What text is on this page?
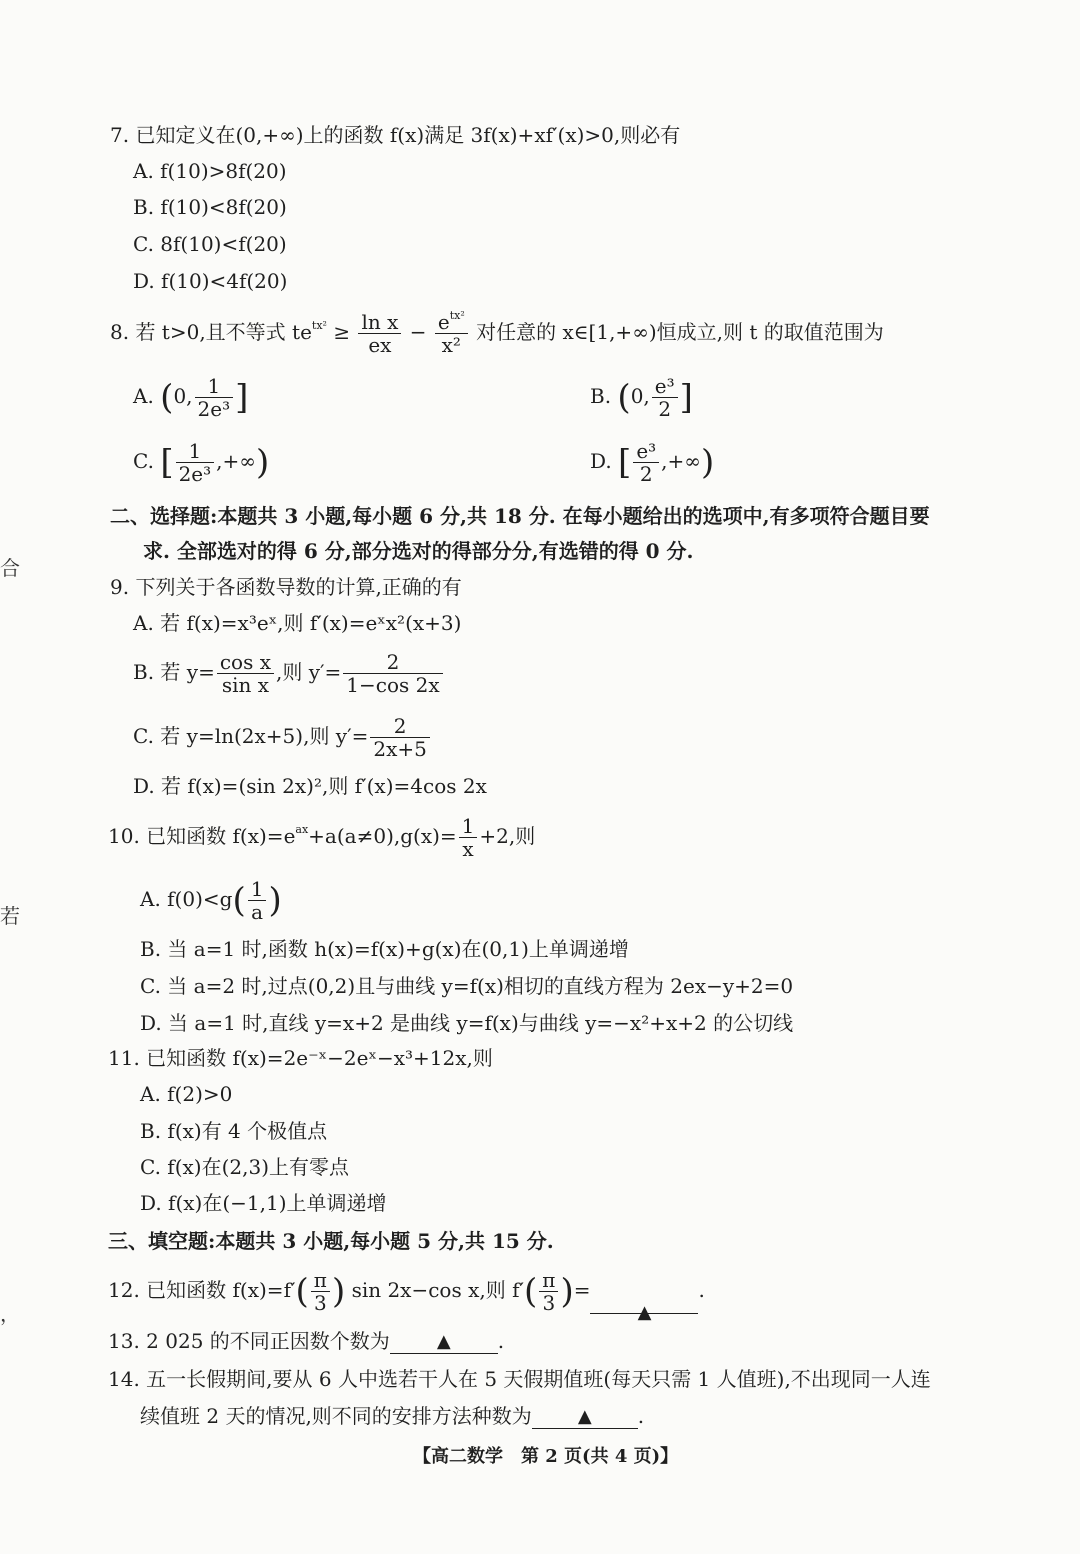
合
若
，
7. 已知定义在(0,+∞)上的函数 f(x)满足 3f(x)+xf′(x)>0,则必有
A. f(10)>8f(20)
B. f(10)<8f(20)
C. 8f(10)<f(20)
D. f(10)<4f(20)
8. 若 t>0,且不等式 $te^{tx^2} \ge \frac{\text{ln x}}{ex} - \frac{e^{tx^2}}{\text{x²}}$ 对任意的 x∈[1,+∞)恒成立,则 t 的取值范围为
A. (0, $\frac{1}{\text{2e³}}$ ]	B. (0, $\frac{\text{e³}}{2}$ ]
C. [ $\frac{1}{\text{2e³}}$ ,+∞)	D. [ $\frac{\text{e³}}{2}$ ,+∞)
二、选择题:本题共 3 小题,每小题 6 分,共 18 分. 在每小题给出的选项中,有多项符合题目要
求. 全部选对的得 6 分,部分选对的得部分分,有选错的得 0 分.
9. 下列关于各函数导数的计算,正确的有
A. 若 f(x)=x³eˣ,则 f′(x)=eˣx²(x+3)
B. 若 $y= \frac{\text{cos x}}{\text{sin x}}$ ,则 $y'= \frac{2}{1-\cos 2x}$
C. 若 y=ln(2x+5),则 $y'= \frac{2}{2x+5}$
D. 若 f(x)=(sin 2x)²,则 f′(x)=4cos 2x
10. 已知函数 $f(x)=e^{ax}+a(a\ne 0),g(x)= \frac{1}{x} +2$,则
A. $f(0)<g( \frac{1}{a}$ )
B. 当 a=1 时,函数 h(x)=f(x)+g(x)在(0,1)上单调递增
C. 当 a=2 时,过点(0,2)且与曲线 y=f(x)相切的直线方程为 2ex−y+2=0
D. 当 a=1 时,直线 y=x+2 是曲线 y=f(x)与曲线 y=−x²+x+2 的公切线
11. 已知函数 f(x)=2e⁻ˣ−2eˣ−x³+12x,则
A. f(2)>0
B. f(x)有 4 个极值点
C. f(x)在(2,3)上有零点
D. f(x)在(−1,1)上单调递增
三、填空题:本题共 3 小题,每小题 5 分,共 15 分.
12. 已知函数 $f(x)=f'( \frac{\pi}{3}$ ) sin 2x−cos x,则 $f'( \frac{\pi}{3}$ )=▲.
13. 2 025 的不同正因数个数为	▲ .
14. 五一长假期间,要从 6 人中选若干人在 5 天假期值班(每天只需 1 人值班),不出现同一人连
续值班 2 天的情况,则不同的安排方法种数为	▲ .
【高二数学　第 2 页(共 4 页)】
